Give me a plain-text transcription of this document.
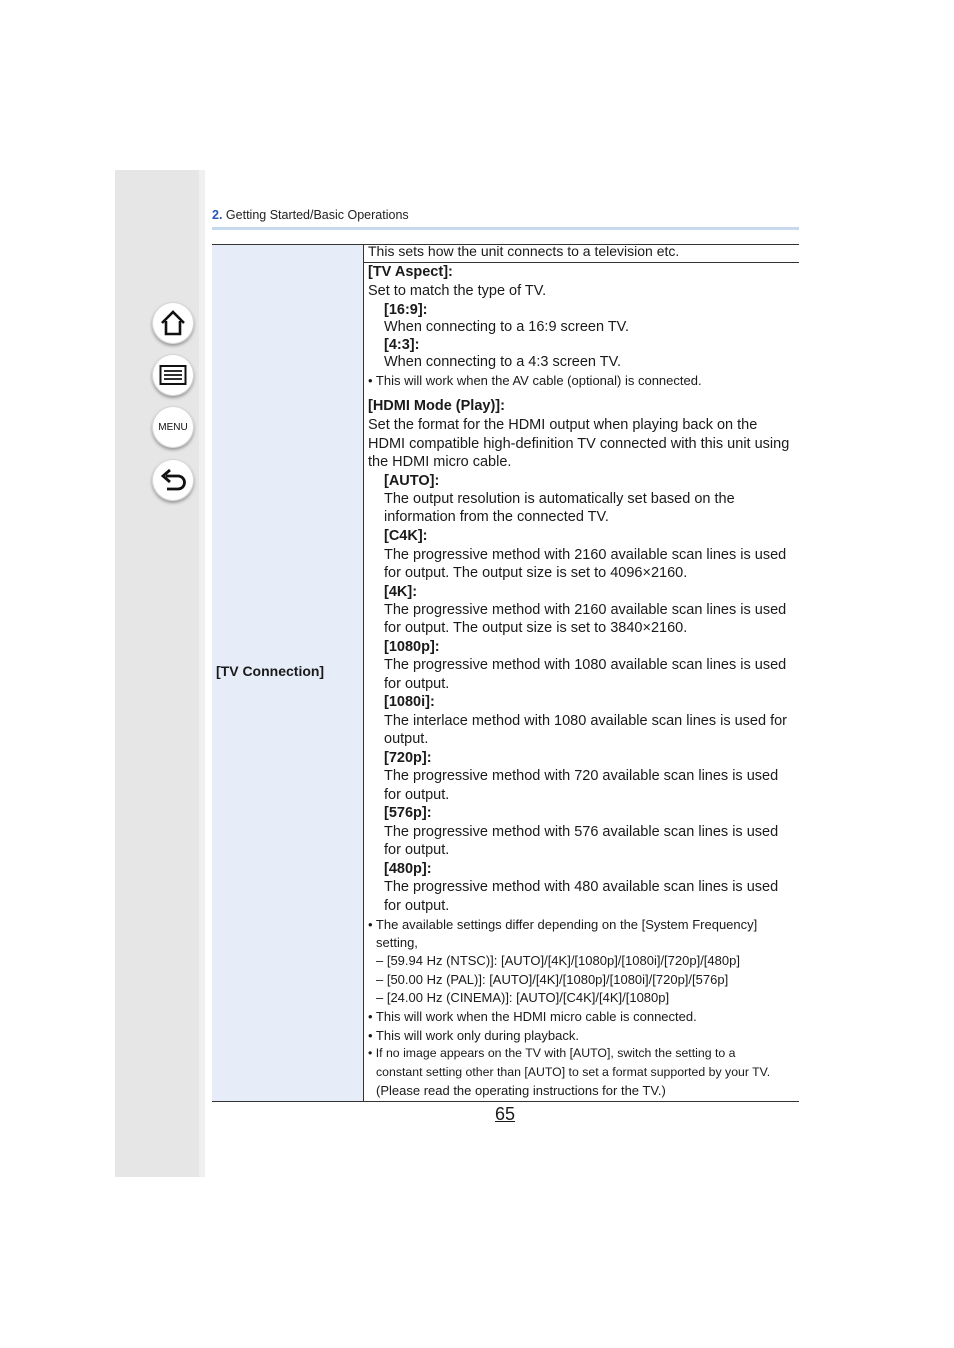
MENU
2. Getting Started/Basic Operations
[TV Connection]
This sets how the unit connects to a television etc.
[TV Aspect]:
Set to match the type of TV.
[16:9]:
When connecting to a 16:9 screen TV.
[4:3]:
When connecting to a 4:3 screen TV.
• This will work when the AV cable (optional) is connected.
[HDMI Mode (Play)]:
Set the format for the HDMI output when playing back on the
HDMI compatible high-definition TV connected with this unit using
the HDMI micro cable.
[AUTO]:
The output resolution is automatically set based on the
information from the connected TV.
[C4K]:
The progressive method with 2160 available scan lines is used
for output. The output size is set to 4096×2160.
[4K]:
The progressive method with 2160 available scan lines is used
for output. The output size is set to 3840×2160.
[1080p]:
The progressive method with 1080 available scan lines is used
for output.
[1080i]:
The interlace method with 1080 available scan lines is used for
output.
[720p]:
The progressive method with 720 available scan lines is used
for output.
[576p]:
The progressive method with 576 available scan lines is used
for output.
[480p]:
The progressive method with 480 available scan lines is used
for output.
• The available settings differ depending on the [System Frequency]
setting,
– [59.94 Hz (NTSC)]: [AUTO]/[4K]/[1080p]/[1080i]/[720p]/[480p]
– [50.00 Hz (PAL)]: [AUTO]/[4K]/[1080p]/[1080i]/[720p]/[576p]
– [24.00 Hz (CINEMA)]: [AUTO]/[C4K]/[4K]/[1080p]
• This will work when the HDMI micro cable is connected.
• This will work only during playback.
• If no image appears on the TV with [AUTO], switch the setting to a
constant setting other than [AUTO] to set a format supported by your TV.
(Please read the operating instructions for the TV.)
65
